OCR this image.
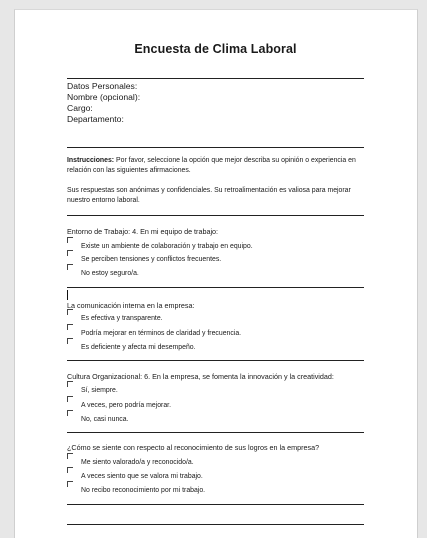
Encuesta de Clima Laboral
Datos Personales:
Nombre (opcional):
Cargo:
Departamento:
Instrucciones: Por favor, seleccione la opción que mejor describa su opinión o experiencia en relación con las siguientes afirmaciones.
Sus respuestas son anónimas y confidenciales. Su retroalimentación es valiosa para mejorar nuestro entorno laboral.
Entorno de Trabajo: 4. En mi equipo de trabajo:
Existe un ambiente de colaboración y trabajo en equipo.
Se perciben tensiones y conflictos frecuentes.
No estoy seguro/a.
La comunicación interna en la empresa:
Es efectiva y transparente.
Podría mejorar en términos de claridad y frecuencia.
Es deficiente y afecta mi desempeño.
Cultura Organizacional: 6. En la empresa, se fomenta la innovación y la creatividad:
Sí, siempre.
A veces, pero podría mejorar.
No, casi nunca.
¿Cómo se siente con respecto al reconocimiento de sus logros en la empresa?
Me siento valorado/a y reconocido/a.
A veces siento que se valora mi trabajo.
No recibo reconocimiento por mi trabajo.
